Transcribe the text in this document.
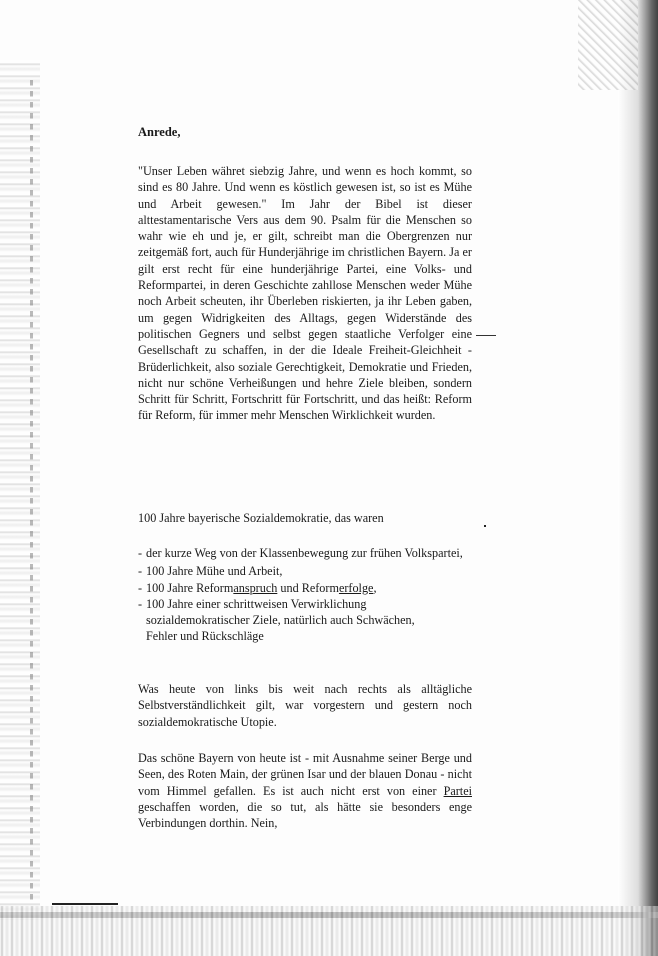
Anrede,

"Unser Leben währet siebzig Jahre, und wenn es hoch kommt, so sind es 80 Jahre. Und wenn es köstlich gewesen ist, so ist es Mühe und Arbeit gewesen." Im Jahr der Bibel ist dieser alttestamentarische Vers aus dem 90. Psalm für die Menschen so wahr wie eh und je, er gilt, schreibt man die Obergrenzen nur zeitgemäß fort, auch für Hunderjährige im christlichen Bayern. Ja er gilt erst recht für eine hunderjährige Partei, eine Volks- und Reformpartei, in deren Geschichte zahllose Menschen weder Mühe noch Arbeit scheuten, ihr Überleben riskierten, ja ihr Leben gaben, um gegen Widrigkeiten des Alltags, gegen Widerstände des politischen Gegners und selbst gegen staatliche Verfolger eine Gesellschaft zu schaffen, in der die Ideale Freiheit-Gleichheit - Brüderlichkeit, also soziale Gerechtigkeit, Demokratie und Frieden, nicht nur schöne Verheißungen und hehre Ziele bleiben, sondern Schritt für Schritt, Fortschritt für Fortschritt, und das heißt: Reform für Reform, für immer mehr Menschen Wirklichkeit wurden.

100 Jahre bayerische Sozialdemokratie, das waren

- der kurze Weg von der Klassenbewegung zur frühen Volkspartei,
- 100 Jahre Mühe und Arbeit,
- 100 Jahre Reformanspruch und Reformerfolge,
- 100 Jahre einer schrittweisen Verwirklichung
sozialdemokratischer Ziele, natürlich auch Schwächen,
Fehler und Rückschläge

Was heute von links bis weit nach rechts als alltägliche Selbstverständlichkeit gilt, war vorgestern und gestern noch sozialdemokratische Utopie.

Das schöne Bayern von heute ist - mit Ausnahme seiner Berge und Seen, des Roten Main, der grünen Isar und der blauen Donau - nicht vom Himmel gefallen. Es ist auch nicht erst von einer Partei geschaffen worden, die so tut, als hätte sie besonders enge Verbindungen dorthin. Nein,
